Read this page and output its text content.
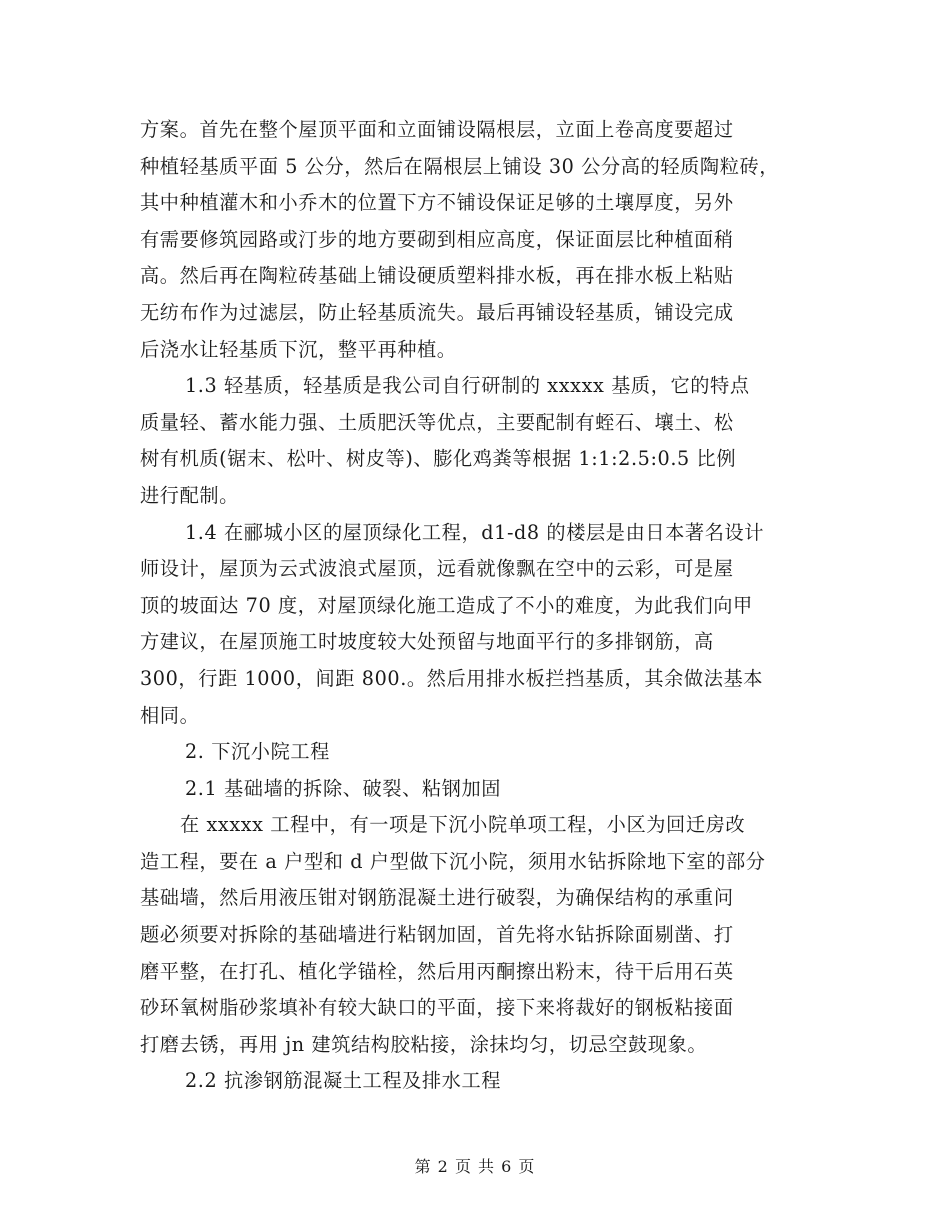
方案。首先在整个屋顶平面和立面铺设隔根层，立面上卷高度要超过
种植轻基质平面 5 公分，然后在隔根层上铺设 30 公分高的轻质陶粒砖，
其中种植灌木和小乔木的位置下方不铺设保证足够的土壤厚度，另外
有需要修筑园路或汀步的地方要砌到相应高度，保证面层比种植面稍
高。然后再在陶粒砖基础上铺设硬质塑料排水板，再在排水板上粘贴
无纺布作为过滤层，防止轻基质流失。最后再铺设轻基质，铺设完成
后浇水让轻基质下沉，整平再种植。
1.3 轻基质，轻基质是我公司自行研制的 xxxxx 基质，它的特点
质量轻、蓄水能力强、土质肥沃等优点，主要配制有蛭石、壤土、松
树有机质(锯末、松叶、树皮等)、膨化鸡粪等根据 1:1:2.5:0.5 比例
进行配制。
1.4 在郦城小区的屋顶绿化工程，d1-d8 的楼层是由日本著名设计
师设计，屋顶为云式波浪式屋顶，远看就像飘在空中的云彩，可是屋
顶的坡面达 70 度，对屋顶绿化施工造成了不小的难度，为此我们向甲
方建议，在屋顶施工时坡度较大处预留与地面平行的多排钢筋，高
300，行距 1000，间距 800.。然后用排水板拦挡基质，其余做法基本
相同。
2. 下沉小院工程
2.1 基础墙的拆除、破裂、粘钢加固
在 xxxxx 工程中，有一项是下沉小院单项工程，小区为回迁房改
造工程，要在 a 户型和 d 户型做下沉小院，须用水钻拆除地下室的部分
基础墙，然后用液压钳对钢筋混凝土进行破裂，为确保结构的承重问
题必须要对拆除的基础墙进行粘钢加固，首先将水钻拆除面剔凿、打
磨平整，在打孔、植化学锚栓，然后用丙酮擦出粉末，待干后用石英
砂环氧树脂砂浆填补有较大缺口的平面，接下来将裁好的钢板粘接面
打磨去锈，再用 jn 建筑结构胶粘接，涂抹均匀，切忌空鼓现象。
2.2 抗渗钢筋混凝土工程及排水工程
第 2 页 共 6 页
